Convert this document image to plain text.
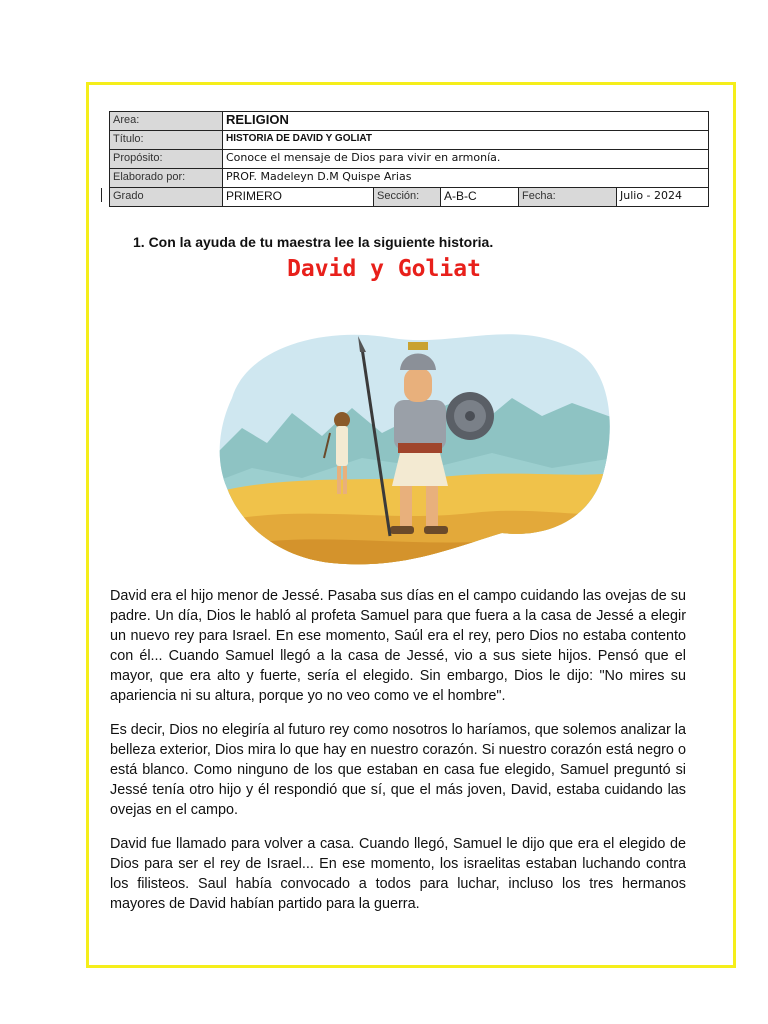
Area:	RELIGION				
Título:	HISTORIA DE DAVID Y GOLIAT				
Propósito:	Conoce el mensaje de Dios para vivir en armonía.				
Elaborado por:	PROF. Madeleyn D.M Quispe Arias				
Grado	PRIMERO	Sección:	A-B-C	Fecha:	Julio - 2024
1. Con la ayuda de tu maestra lee la siguiente historia.
David y Goliat

David era el hijo menor de Jessé. Pasaba sus días en el campo cuidando las ovejas de su padre. Un día, Dios le habló al profeta Samuel para que fuera a la casa de Jessé a elegir un nuevo rey para Israel. En ese momento, Saúl era el rey, pero Dios no estaba contento con él... Cuando Samuel llegó a la casa de Jessé, vio a sus siete hijos. Pensó que el mayor, que era alto y fuerte, sería el elegido. Sin embargo, Dios le dijo: "No mires su apariencia ni su altura, porque yo no veo como ve el hombre".

Es decir, Dios no elegiría al futuro rey como nosotros lo haríamos, que solemos analizar la belleza exterior, Dios mira lo que hay en nuestro corazón. Si nuestro corazón está negro o está blanco. Como ninguno de los que estaban en casa fue elegido, Samuel preguntó si Jessé tenía otro hijo y él respondió que sí, que el más joven, David, estaba cuidando las ovejas en el campo.

David fue llamado para volver a casa. Cuando llegó, Samuel le dijo que era el elegido de Dios para ser el rey de Israel... En ese momento, los israelitas estaban luchando contra los filisteos. Saul había convocado a todos para luchar, incluso los tres hermanos mayores de David habían partido para la guerra.
